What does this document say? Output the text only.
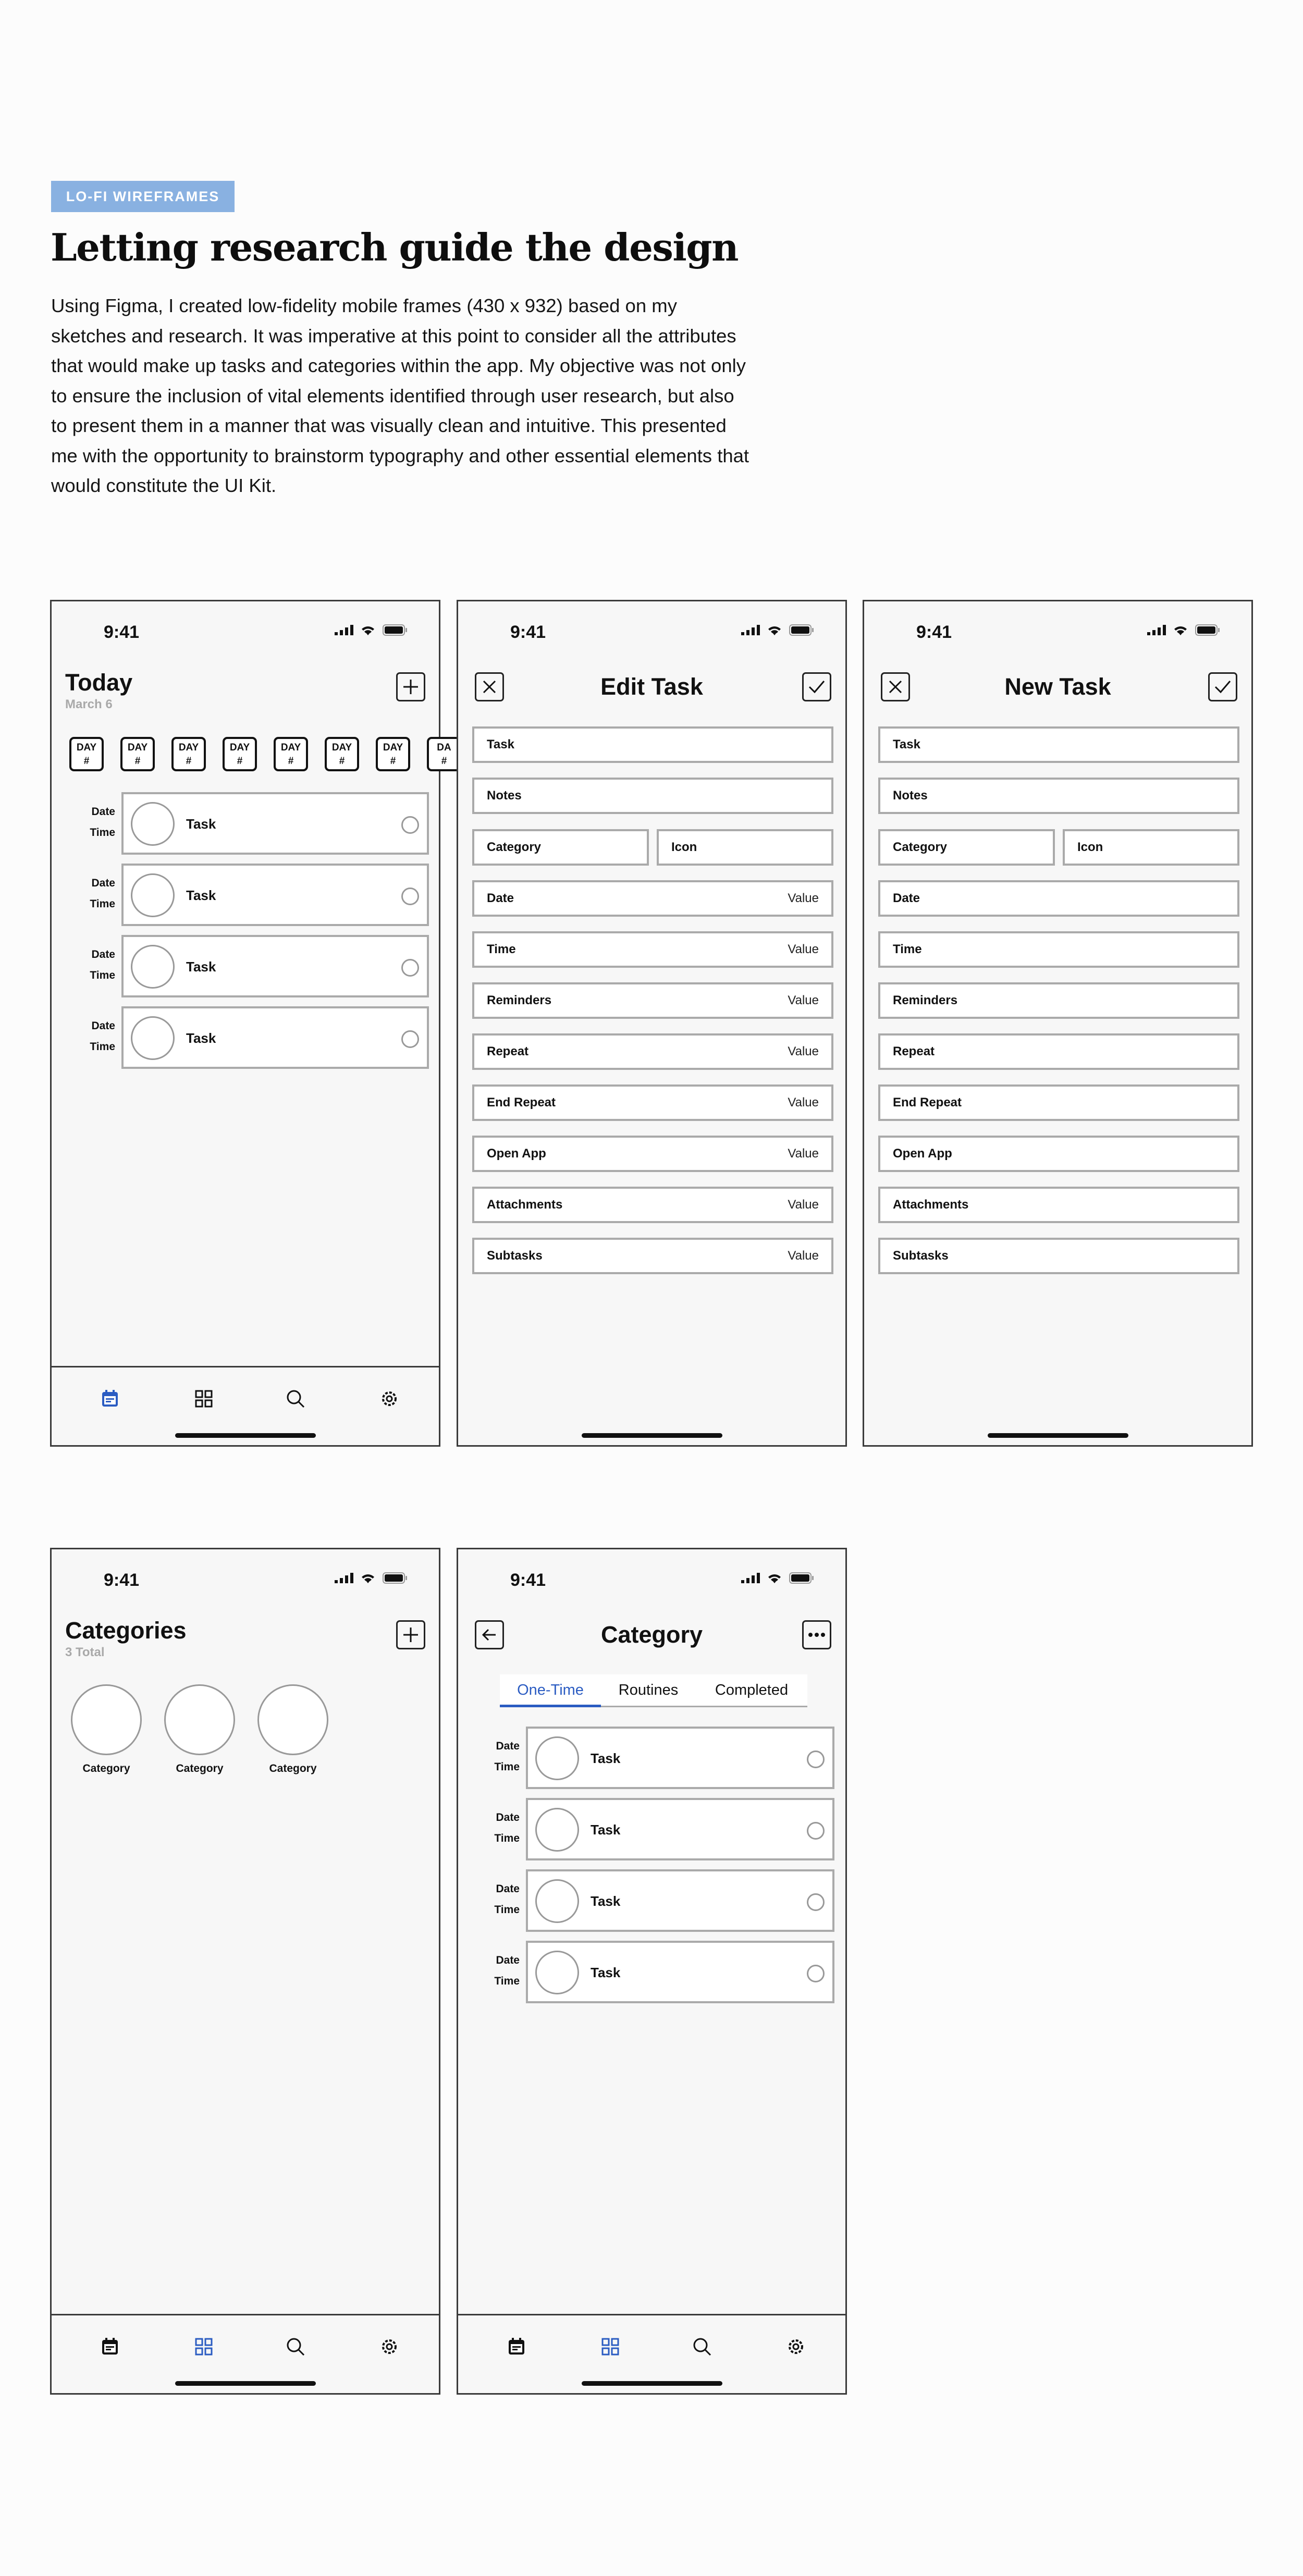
LO-FI WIREFRAMES
Letting research guide the design
Using Figma, I created low-fidelity mobile frames (430 x 932) based on my sketches and research. It was imperative at this point to consider all the attributes that would make up tasks and categories within the app. My objective was not only to ensure the inclusion of vital elements identified through user research, but also to present them in a manner that was visually clean and intuitive. This presented me with the opportunity to brainstorm typography and other essential elements that would constitute the UI Kit.
9:41
Today
March 6
DAY
#
DAY
#
DAY
#
DAY
#
DAY
#
DAY
#
DAY
#
DA
#
Date
Time
Task
Date
Time
Task
Date
Time
Task
Date
Time
Task
9:41
Edit Task
Task
Notes
Category	Icon
Date	Value
Time	Value
Reminders	Value
Repeat	Value
End Repeat	Value
Open App	Value
Attachments	Value
Subtasks	Value
9:41
New Task
Task
Notes
Category	Icon
Date
Time
Reminders
Repeat
End Repeat
Open App
Attachments
Subtasks
9:41
Categories
3 Total
Category	Category	Category
9:41
Category
One-Time	Routines	Completed
Date
Time
Task
Date
Time
Task
Date
Time
Task
Date
Time
Task
